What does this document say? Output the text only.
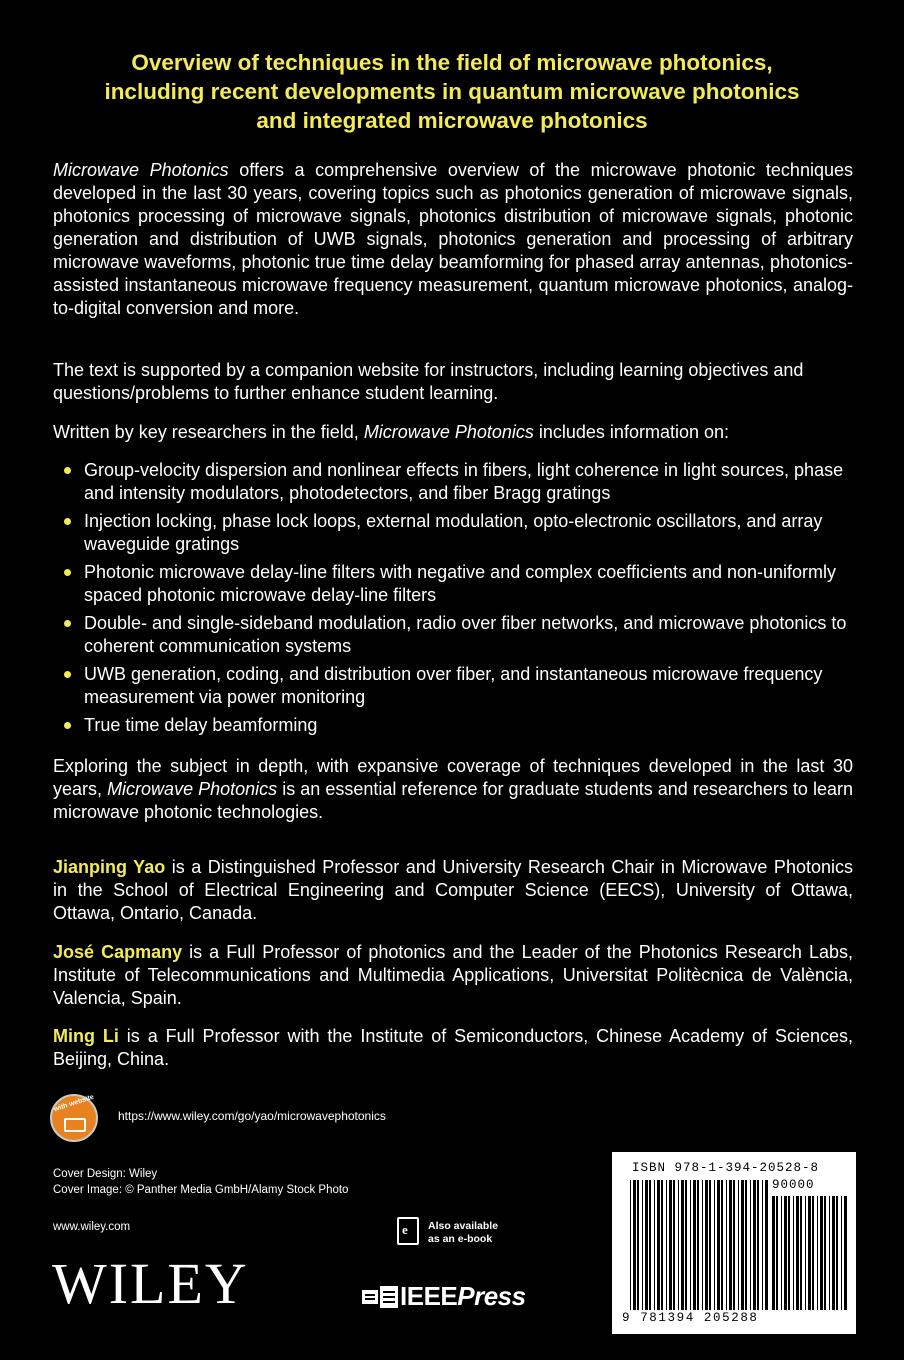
Overview of techniques in the field of microwave photonics,
including recent developments in quantum microwave photonics
and integrated microwave photonics
Microwave Photonics offers a comprehensive overview of the microwave photonic techniques developed in the last 30 years, covering topics such as photonics generation of microwave signals, photonics processing of microwave signals, photonics distribution of microwave signals, photonic generation and distribution of UWB signals, photonics generation and processing of arbitrary microwave waveforms, photonic true time delay beamforming for phased array antennas, photonics-assisted instantaneous microwave frequency measurement, quantum microwave photonics, analog-to-digital conversion and more.
The text is supported by a companion website for instructors, including learning objectives and questions/problems to further enhance student learning.
Written by key researchers in the field, Microwave Photonics includes information on:
Group-velocity dispersion and nonlinear effects in fibers, light coherence in light sources, phase and intensity modulators, photodetectors, and fiber Bragg gratings
Injection locking, phase lock loops, external modulation, opto-electronic oscillators, and array waveguide gratings
Photonic microwave delay-line filters with negative and complex coefficients and non-uniformly spaced photonic microwave delay-line filters
Double- and single-sideband modulation, radio over fiber networks, and microwave photonics to coherent communication systems
UWB generation, coding, and distribution over fiber, and instantaneous microwave frequency measurement via power monitoring
True time delay beamforming
Exploring the subject in depth, with expansive coverage of techniques developed in the last 30 years, Microwave Photonics is an essential reference for graduate students and researchers to learn microwave photonic technologies.
Jianping Yao is a Distinguished Professor and University Research Chair in Microwave Photonics in the School of Electrical Engineering and Computer Science (EECS), University of Ottawa, Ottawa, Ontario, Canada.
José Capmany is a Full Professor of photonics and the Leader of the Photonics Research Labs, Institute of Telecommunications and Multimedia Applications, Universitat Politècnica de València, Valencia, Spain.
Ming Li is a Full Professor with the Institute of Semiconductors, Chinese Academy of Sciences, Beijing, China.
with website
https://www.wiley.com/go/yao/microwavephotonics
Cover Design: Wiley
Cover Image: © Panther Media GmbH/Alamy Stock Photo
www.wiley.com
WILEY
e Also available
as an e-book
IEEEPress
ISBN 978-1-394-20528-8
90000
9 781394 205288
